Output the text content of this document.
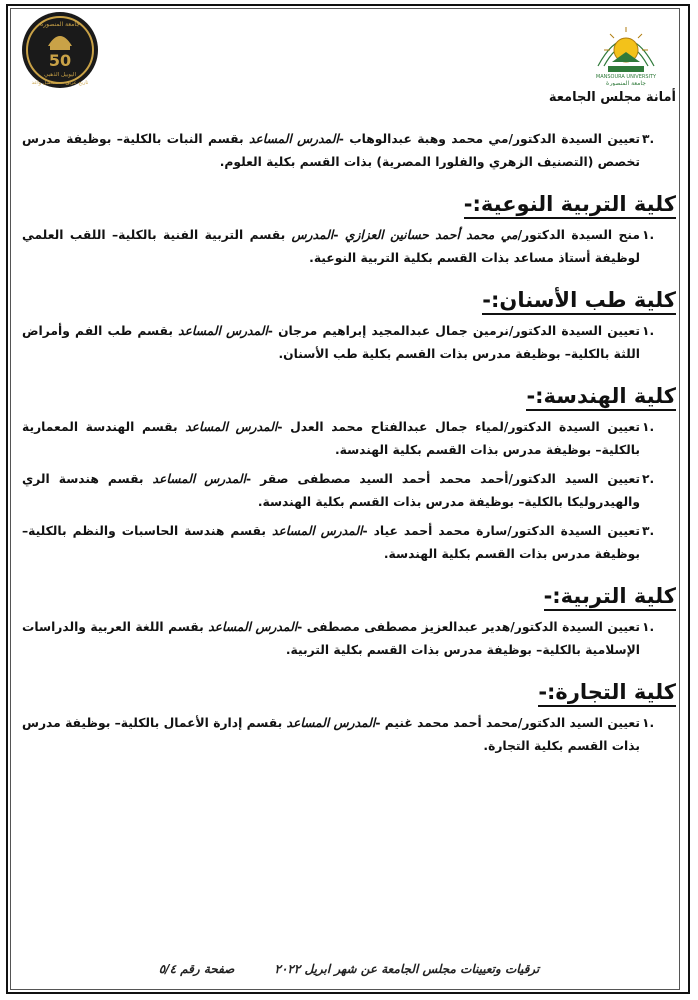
MANSOURA UNIVERSITY
جامعة المنصورة
أمانة مجلس الجامعة
جامعة المنصورة
50
اليوبيل الذهبي
تاريخ عريق .. مستقبل واعد
.٣
تعيين السيدة الدكتور/مي محمد وهبة عبدالوهاب -المدرس المساعد بقسم النبات بالكلية– بوظيفة مدرس تخصص (التصنيف الزهري والفلورا المصرية) بذات القسم بكلية العلوم.
كلية التربية النوعية:-
.١
منح السيدة الدكتور/مي محمد أحمد حسانين العزازي -المدرس بقسم التربية الفنية بالكلية– اللقب العلمي لوظيفة أستاذ مساعد بذات القسم بكلية التربية النوعية.
كلية طب الأسنان:-
.١
تعيين السيدة الدكتور/نرمين جمال عبدالمجيد إبراهيم مرجان -المدرس المساعد بقسم طب الفم وأمراض اللثة بالكلية– بوظيفة مدرس بذات القسم بكلية طب الأسنان.
كلية الهندسة:-
.١
تعيين السيدة الدكتور/لمياء جمال عبدالفتاح محمد العدل -المدرس المساعد بقسم الهندسة المعمارية بالكلية– بوظيفة مدرس بذات القسم بكلية الهندسة.
.٢
تعيين السيد الدكتور/أحمد محمد أحمد السيد مصطفى صقر -المدرس المساعد بقسم هندسة الري والهيدروليكا بالكلية– بوظيفة مدرس بذات القسم بكلية الهندسة.
.٣
تعيين السيدة الدكتور/سارة محمد أحمد عياد -المدرس المساعد بقسم هندسة الحاسبات والنظم بالكلية– بوظيفة مدرس بذات القسم بكلية الهندسة.
كلية التربية:-
.١
تعيين السيدة الدكتور/هدير عبدالعزيز مصطفى مصطفى -المدرس المساعد بقسم اللغة العربية والدراسات الإسلامية بالكلية– بوظيفة مدرس بذات القسم بكلية التربية.
كلية التجارة:-
.١
تعيين السيد الدكتور/محمد أحمد محمد غنيم -المدرس المساعد بقسم إدارة الأعمال بالكلية– بوظيفة مدرس بذات القسم بكلية التجارة.
ترقيات وتعيينات مجلس الجامعة عن شهر ابريل ٢٠٢٢ صفحة رقم ٥/٤
